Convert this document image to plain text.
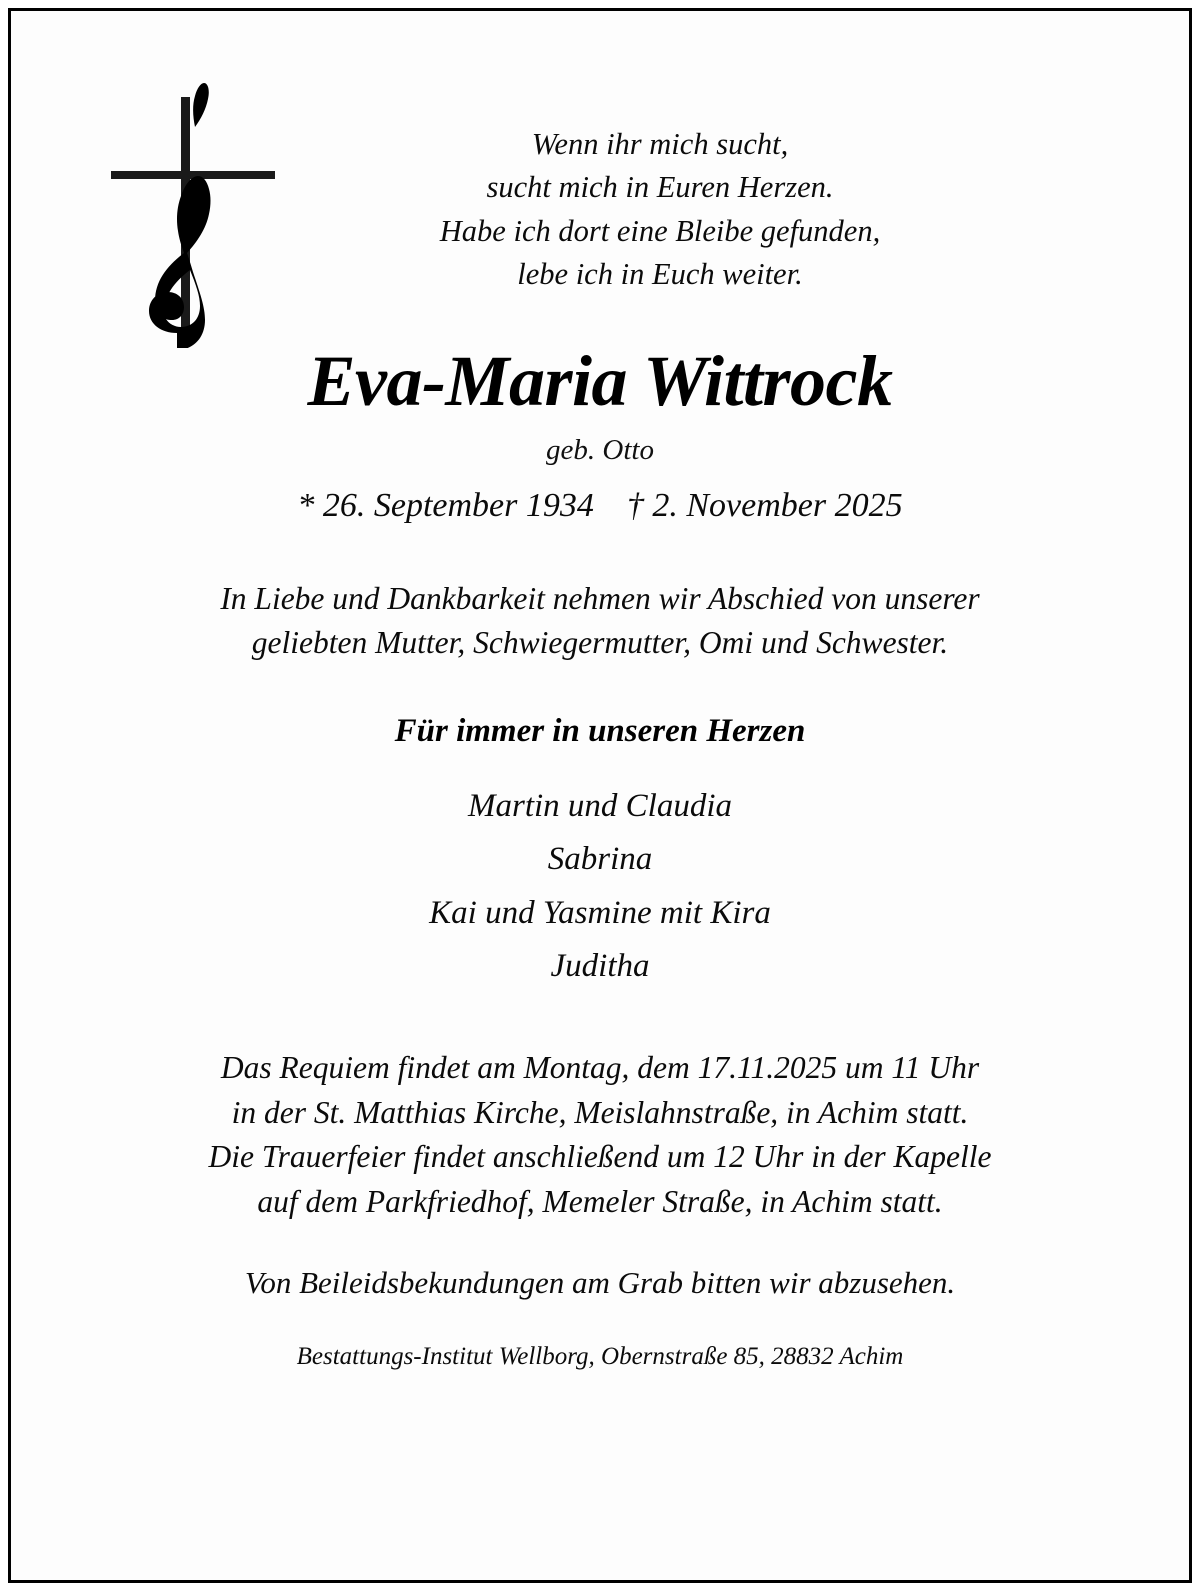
Wenn ihr mich sucht,
sucht mich in Euren Herzen.
Habe ich dort eine Bleibe gefunden,
lebe ich in Euch weiter.
Eva-Maria Wittrock
geb. Otto
* 26. September 1934 † 2. November 2025
In Liebe und Dankbarkeit nehmen wir Abschied von unserer
geliebten Mutter, Schwiegermutter, Omi und Schwester.
Für immer in unseren Herzen
Martin und Claudia
Sabrina
Kai und Yasmine mit Kira
Juditha
Das Requiem findet am Montag, dem 17.11.2025 um 11 Uhr
in der St. Matthias Kirche, Meislahnstraße, in Achim statt.
Die Trauerfeier findet anschließend um 12 Uhr in der Kapelle
auf dem Parkfriedhof, Memeler Straße, in Achim statt.
Von Beileidsbekundungen am Grab bitten wir abzusehen.
Bestattungs-Institut Wellborg, Obernstraße 85, 28832 Achim
